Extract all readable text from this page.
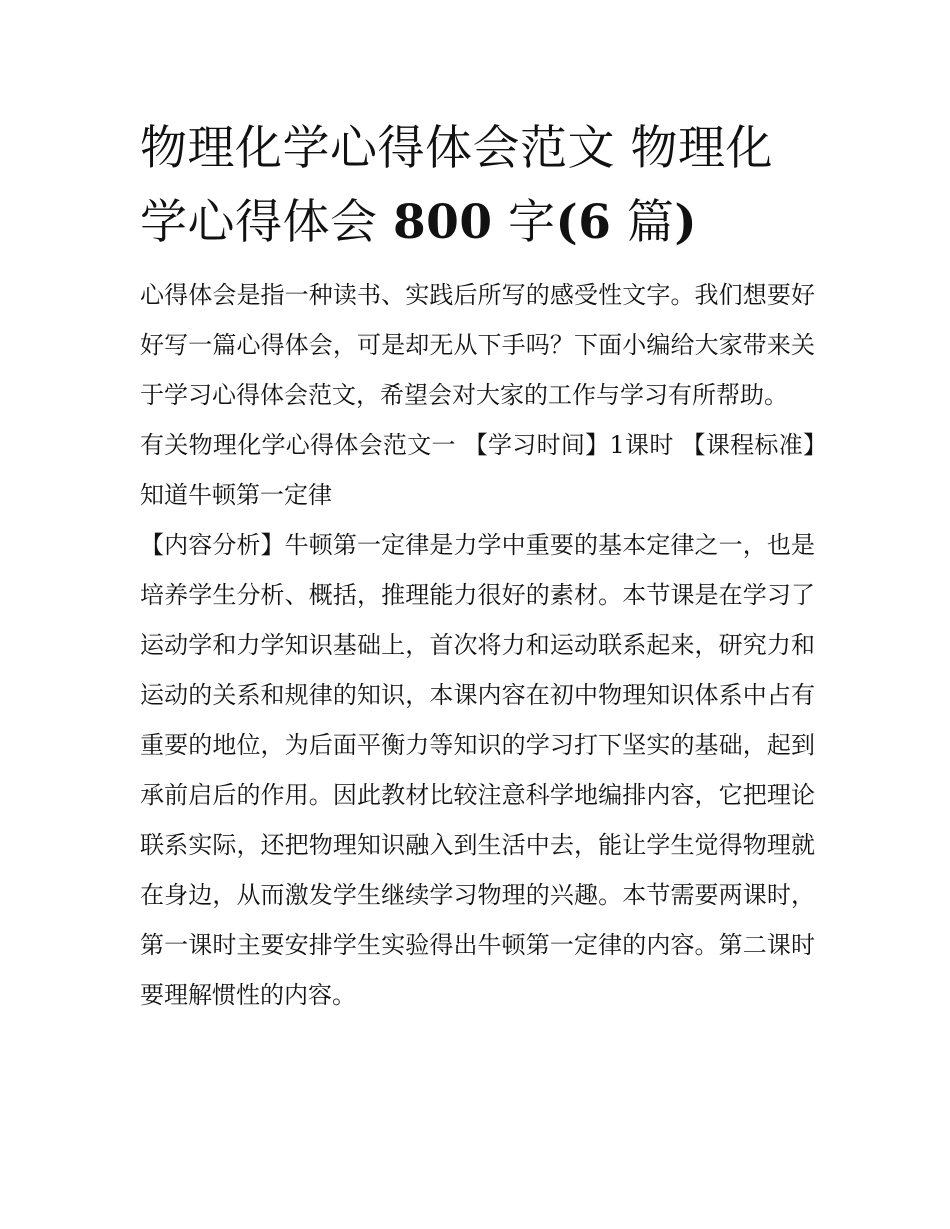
物理化学心得体会范文 物理化学心得体会 800 字(6 篇)

心得体会是指一种读书、实践后所写的感受性文字。我们想要好好写一篇心得体会，可是却无从下手吗？下面小编给大家带来关于学习心得体会范文，希望会对大家的工作与学习有所帮助。

有关物理化学心得体会范文一 【学习时间】1课时 【课程标准】知道牛顿第一定律

【内容分析】牛顿第一定律是力学中重要的基本定律之一，也是培养学生分析、概括，推理能力很好的素材。本节课是在学习了运动学和力学知识基础上，首次将力和运动联系起来，研究力和运动的关系和规律的知识，本课内容在初中物理知识体系中占有重要的地位，为后面平衡力等知识的学习打下坚实的基础，起到承前启后的作用。因此教材比较注意科学地编排内容，它把理论联系实际，还把物理知识融入到生活中去，能让学生觉得物理就在身边，从而激发学生继续学习物理的兴趣。本节需要两课时，第一课时主要安排学生实验得出牛顿第一定律的内容。第二课时要理解惯性的内容。
